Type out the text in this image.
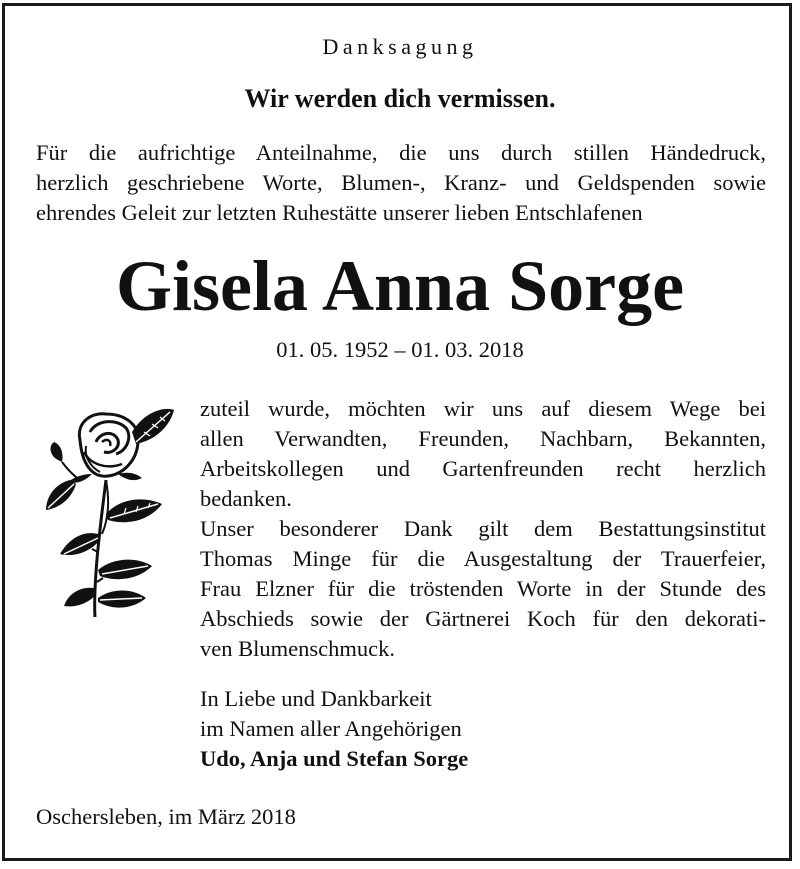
Danksagung
Wir werden dich vermissen.
Für die aufrichtige Anteilnahme, die uns durch stillen Händedruck,
herzlich geschriebene Worte, Blumen-, Kranz- und Geldspenden sowie
ehrendes Geleit zur letzten Ruhestätte unserer lieben Entschlafenen
Gisela Anna Sorge
01. 05. 1952 – 01. 03. 2018
zuteil wurde, möchten wir uns auf diesem Wege bei
allen Verwandten, Freunden, Nachbarn, Bekannten,
Arbeitskollegen und Gartenfreunden recht herzlich
bedanken.
Unser besonderer Dank gilt dem Bestattungsinstitut
Thomas Minge für die Ausgestaltung der Trauerfeier,
Frau Elzner für die tröstenden Worte in der Stunde des
Abschieds sowie der Gärtnerei Koch für den dekorati-
ven Blumenschmuck.
In Liebe und Dankbarkeit
im Namen aller Angehörigen
Udo, Anja und Stefan Sorge
Oschersleben, im März 2018
